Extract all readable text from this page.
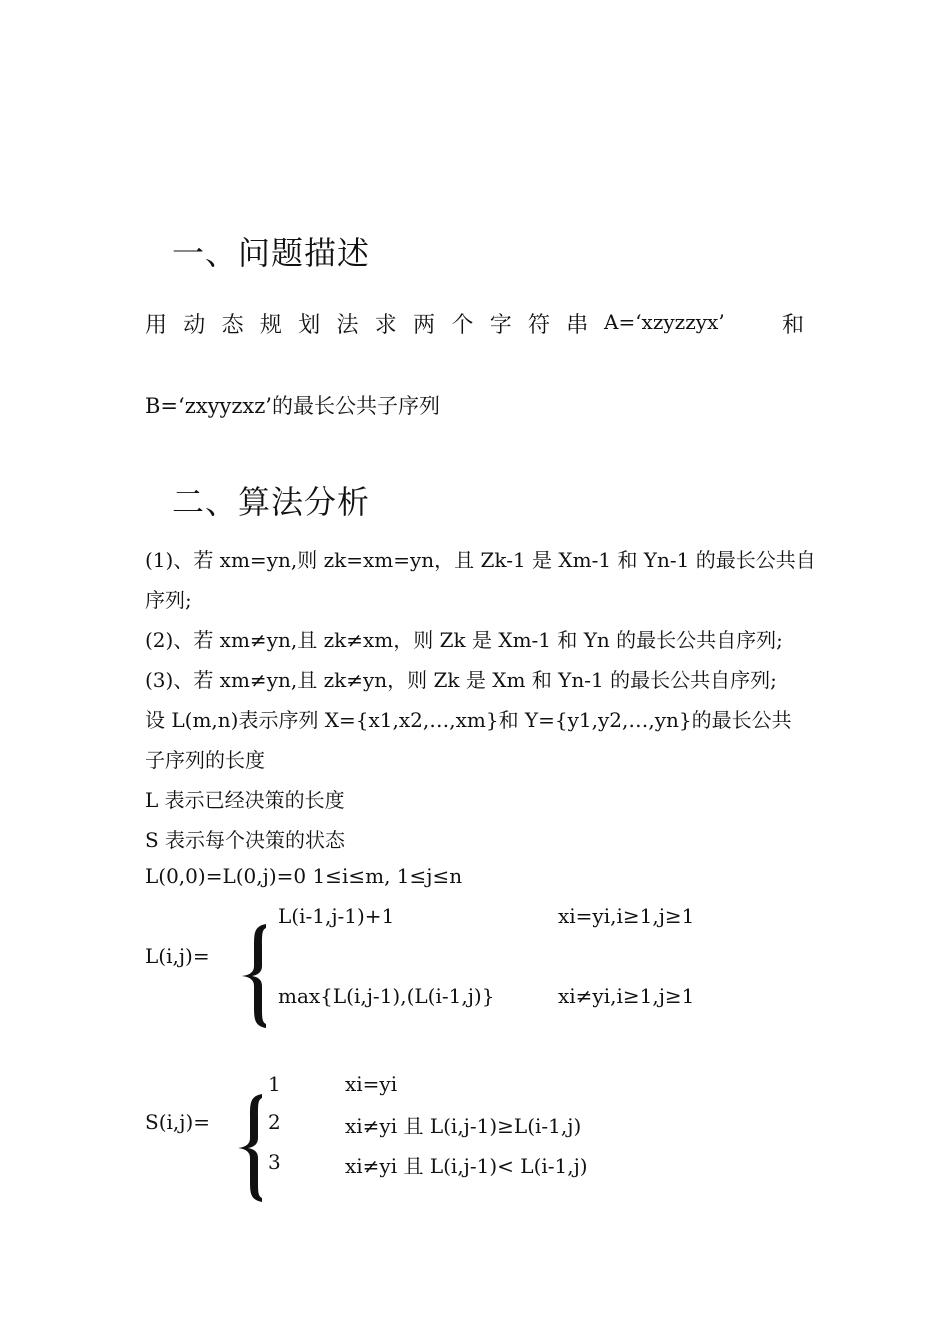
一、问题描述
用 动 态 规 划 法 求 两 个 字 符 串 A=‘xzyzzyx’	和
B=‘zxyyzxz’的最长公共子序列
二、算法分析
(1)、若 xm=yn,则 zk=xm=yn，且 Zk-1 是 Xm-1 和 Yn-1 的最长公共自
序列;
(2)、若 xm≠yn,且 zk≠xm，则 Zk 是 Xm-1 和 Yn 的最长公共自序列;
(3)、若 xm≠yn,且 zk≠yn，则 Zk 是 Xm 和 Yn-1 的最长公共自序列;
设 L(m,n)表示序列 X={x1,x2,…,xm}和 Y={y1,y2,…,yn}的最长公共
子序列的长度
L 表示已经决策的长度
S 表示每个决策的状态
L(0,0)=L(0,j)=0 1≤i≤m, 1≤j≤n
L(i,j)=
L(i-1,j-1)+1	xi=yi,i≥1,j≥1
max{L(i,j-1),(L(i-1,j)}	xi≠yi,i≥1,j≥1
S(i,j)=
1	xi=yi
2	xi≠yi 且 L(i,j-1)≥L(i-1,j)
3	xi≠yi 且 L(i,j-1)< L(i-1,j)
